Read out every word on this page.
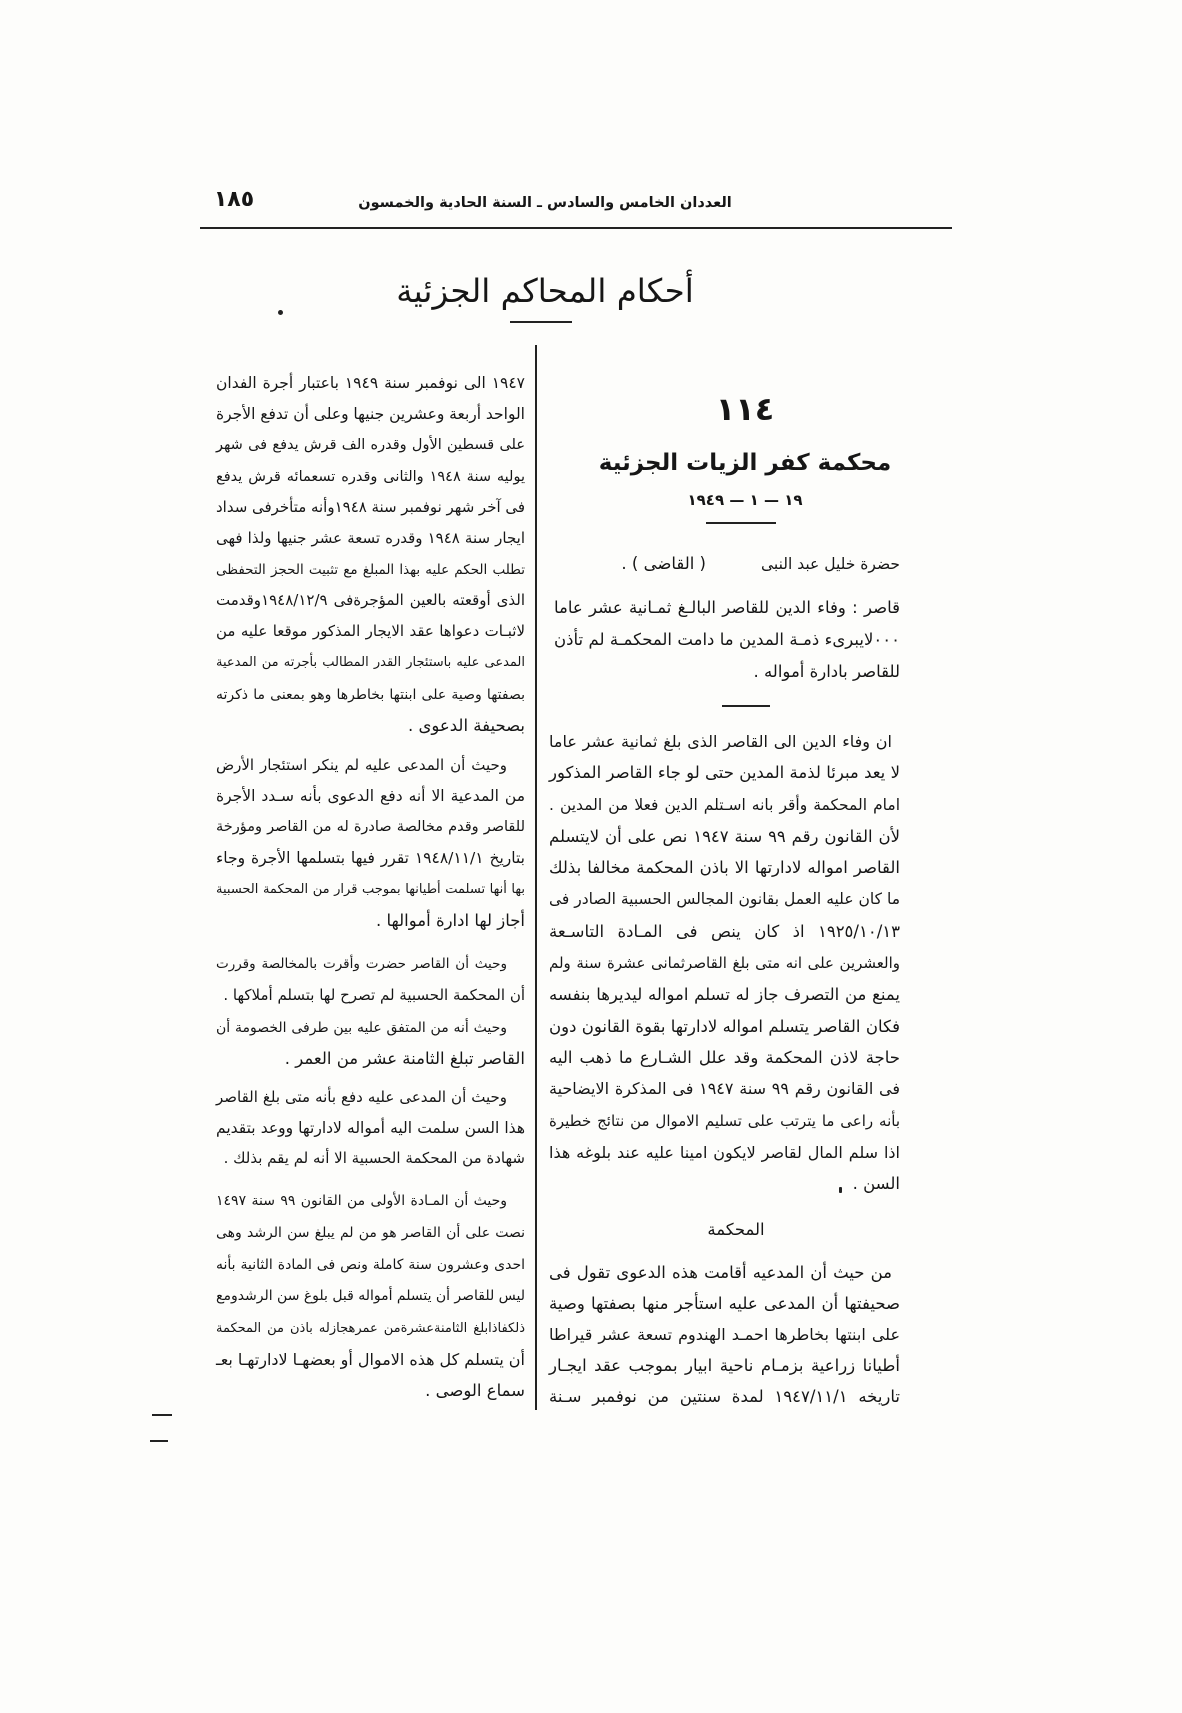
العددان الخامس والسادس ـ السنة الحادية والخمسون
١٨٥
أحكام المحاكم الجزئية
١١٤
محكمة كفر الزيات الجزئية
١٩ — ١ — ١٩٤٩
حضرة خليل عبد النبى
( القاضى ) .
قاصر : وفاء الدين للقاصر البالـغ ثمـانية عشر عاما
٠٠٠لايبرىء ذمـة المدين ما دامت المحكمـة لم تأذن
للقاصر بادارة أمواله .
ان وفاء الدين الى القاصر الذى بلغ ثمانية عشر عاما
لا يعد مبرئا لذمة المدين حتى لو جاء القاصر المذكور
امام المحكمة وأقر بانه اسـتلم الدين فعلا من المدين .
لأن القانون رقم ٩٩ سنة ١٩٤٧ نص على أن لايتسلم
القاصر امواله لادارتها الا باذن المحكمة مخالفا بذلك
ما كان عليه العمل بقانون المجالس الحسبية الصادر فى
١٩٢٥/١٠/١٣ اذ كان ينص فى المـادة التاسـعة
والعشرين على انه متى بلغ القاصرثمانى عشرة سنة ولم
يمنع من التصرف جاز له تسلم امواله ليديرها بنفسه
فكان القاصر يتسلم امواله لادارتها بقوة القانون دون
حاجة لاذن المحكمة وقد علل الشـارع ما ذهب اليه
فى القانون رقم ٩٩ سنة ١٩٤٧ فى المذكرة الايضاحية
بأنه راعى ما يترتب على تسليم الاموال من نتائج خطيرة
اذا سلم المال لقاصر لايكون امينا عليه عند بلوغه هذا
السن .
المحكمة
من حيث أن المدعيه أقامت هذه الدعوى تقول فى
صحيفتها أن المدعى عليه استأجر منها بصفتها وصية
على ابنتها بخاطرها احمـد الهندوم تسعة عشر قيراطا
أطيانا زراعية بزمـام ناحية ابيار بموجب عقد ايجـار
تاريخه ١٩٤٧/١١/١ لمدة سنتين من نوفمبر سـنة
١٩٤٧ الى نوفمبر سنة ١٩٤٩ باعتبار أجرة الفدان
الواحد أربعة وعشرين جنيها وعلى أن تدفع الأجرة
على قسطين الأول وقدره الف قرش يدفع فى شهر
يوليه سنة ١٩٤٨ والثانى وقدره تسعمائه قرش يدفع
فى آخر شهر نوفمبر سنة ١٩٤٨وأنه متأخرفى سداد
ايجار سنة ١٩٤٨ وقدره تسعة عشر جنيها ولذا فهى
تطلب الحكم عليه بهذا المبلغ مع تثبيت الحجز التحفظى
الذى أوقعته بالعين المؤجرةفى ١٩٤٨/١٢/٩وقدمت
لاثبـات دعواها عقد الايجار المذكور موقعا عليه من
المدعى عليه باستئجار القدر المطالب بأجرته من المدعية
بصفتها وصية على ابنتها بخاطرها وهو بمعنى ما ذكرته
بصحيفة الدعوى .
وحيث أن المدعى عليه لم ينكر استئجار الأرض
من المدعية الا أنه دفع الدعوى بأنه سـدد الأجرة
للقاصر وقدم مخالصة صادرة له من القاصر ومؤرخة
بتاريخ ١٩٤٨/١١/١ تقرر فيها بتسلمها الأجرة وجاء
بها أنها تسلمت أطيانها بموجب قرار من المحكمة الحسبية
أجاز لها ادارة أموالها .
وحيث أن القاصر حضرت وأقرت بالمخالصة وقررت
أن المحكمة الحسبية لم تصرح لها بتسلم أملاكها .
وحيث أنه من المتفق عليه بين طرفى الخصومة أن
القاصر تبلغ الثامنة عشر من العمر .
وحيث أن المدعى عليه دفع بأنه متى بلغ القاصر
هذا السن سلمت اليه أمواله لادارتها ووعد بتقديم
شهادة من المحكمة الحسبية الا أنه لم يقم بذلك .
وحيث أن المـادة الأولى من القانون ٩٩ سنة ١٤٩٧
نصت على أن القاصر هو من لم يبلغ سن الرشد وهى
احدى وعشرون سنة كاملة ونص فى المادة الثانية بأنه
ليس للقاصر أن يتسلم أمواله قبل بلوغ سن الرشدومع
ذلكفاذابلغ الثامنةعشرةمن عمرهجازله باذن من المحكمة
أن يتسلم كل هذه الاموال أو بعضهـا لادارتهـا بعـ
سماع الوصى .
